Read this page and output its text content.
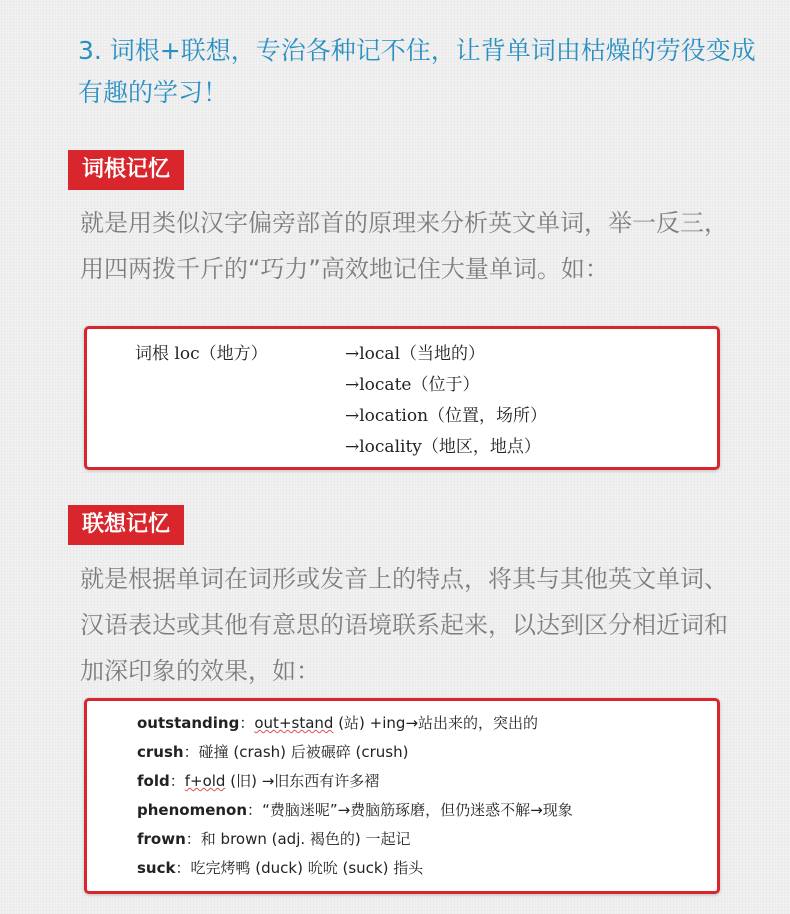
3. 词根+联想，专治各种记不住，让背单词由枯燥的劳役变成有趣的学习！
词根记忆
就是用类似汉字偏旁部首的原理来分析英文单词，举一反三，用四两拨千斤的“巧力”高效地记住大量单词。如：
词根 loc（地方）	→local（当地的）
→locate（位于）
→location（位置，场所）
→locality（地区，地点）
联想记忆
就是根据单词在词形或发音上的特点，将其与其他英文单词、汉语表达或其他有意思的语境联系起来，以达到区分相近词和加深印象的效果，如：
outstanding：out+stand (站) +ing→站出来的，突出的
crush：碰撞 (crash) 后被碾碎 (crush)
fold：f+old (旧) →旧东西有许多褶
phenomenon：“费脑迷呢”→费脑筋琢磨，但仍迷惑不解→现象
frown：和 brown (adj. 褐色的) 一起记
suck：吃完烤鸭 (duck) 吮吮 (suck) 指头
